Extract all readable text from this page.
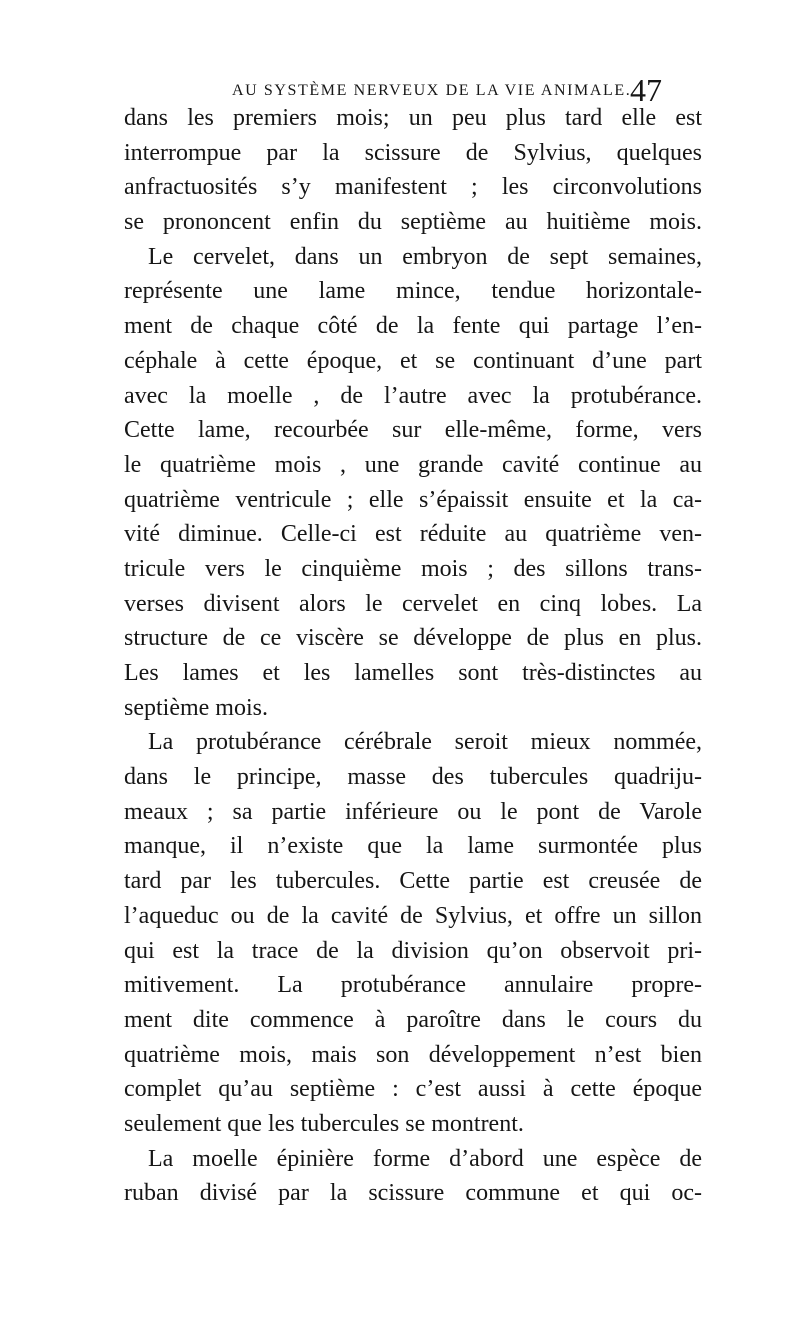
AU SYSTÈME NERVEUX DE LA VIE ANIMALE.
47
dans les premiers mois; un peu plus tard elle est
interrompue par la scissure de Sylvius, quelques
anfractuosités s’y manifestent ; les circonvolutions
se prononcent enfin du septième au huitième mois.
Le cervelet, dans un embryon de sept semaines,
représente une lame mince, tendue horizontale-
ment de chaque côté de la fente qui partage l’en-
céphale à cette époque, et se continuant d’une part
avec la moelle , de l’autre avec la protubérance.
Cette lame, recourbée sur elle-même, forme, vers
le quatrième mois , une grande cavité continue au
quatrième ventricule ; elle s’épaissit ensuite et la ca-
vité diminue. Celle-ci est réduite au quatrième ven-
tricule vers le cinquième mois ; des sillons trans-
verses divisent alors le cervelet en cinq lobes. La
structure de ce viscère se développe de plus en plus.
Les lames et les lamelles sont très-distinctes au
septième mois.
La protubérance cérébrale seroit mieux nommée,
dans le principe, masse des tubercules quadriju-
meaux ; sa partie inférieure ou le pont de Varole
manque, il n’existe que la lame surmontée plus
tard par les tubercules. Cette partie est creusée de
l’aqueduc ou de la cavité de Sylvius, et offre un sillon
qui est la trace de la division qu’on observoit pri-
mitivement. La protubérance annulaire propre-
ment dite commence à paroître dans le cours du
quatrième mois, mais son développement n’est bien
complet qu’au septième : c’est aussi à cette époque
seulement que les tubercules se montrent.
La moelle épinière forme d’abord une espèce de
ruban divisé par la scissure commune et qui oc-
